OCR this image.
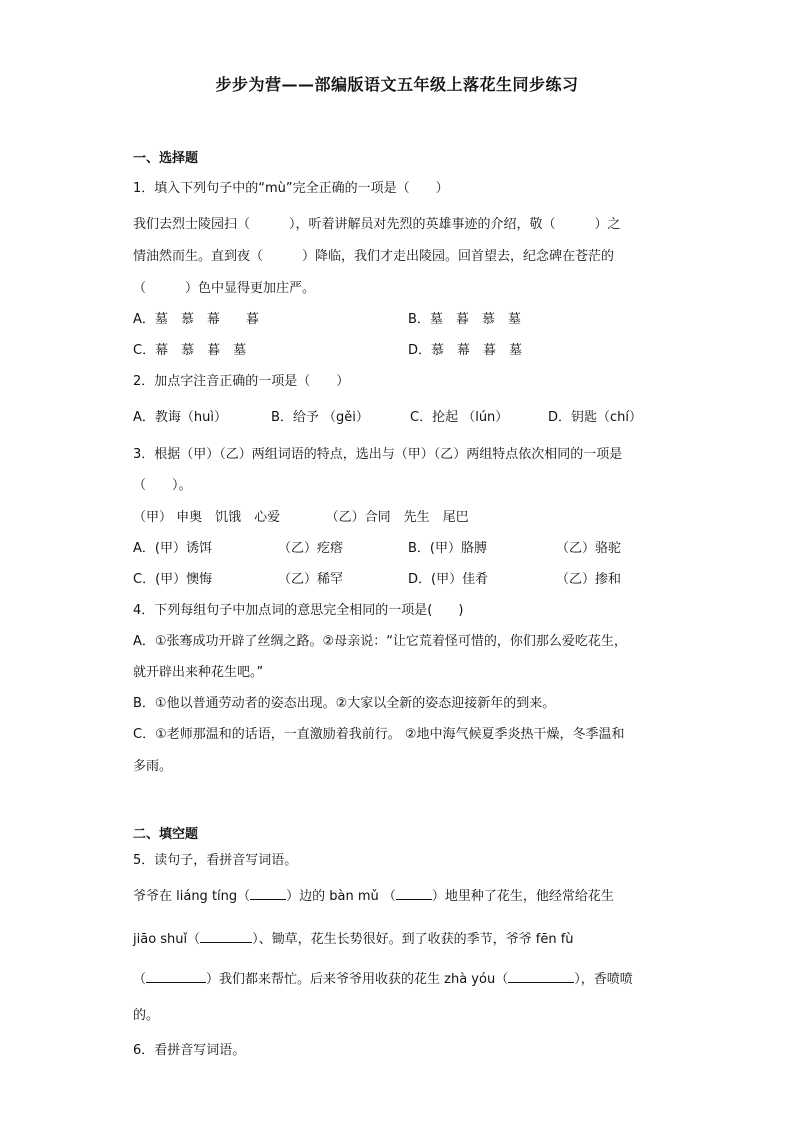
步步为营——部编版语文五年级上落花生同步练习
一、选择题
1．填入下列句子中的“mù”完全正确的一项是（　　）
我们去烈士陵园扫（　　　），听着讲解员对先烈的英雄事迹的介绍，敬（　　　）之
情油然而生。直到夜（　　　）降临，我们才走出陵园。回首望去，纪念碑在苍茫的
（　　　）色中显得更加庄严。
A．墓　慕　幕　　暮	B．墓　暮　慕　墓
C．幕　慕　暮　墓	D．慕　幕　暮　墓
2．加点字注音正确的一项是（　　）
A．教诲（huì）	B．给予 （gěi）	C．抡起 （lún）	D．钥匙（chí）
3．根据（甲）（乙）两组词语的特点，选出与（甲）（乙）两组特点依次相同的一项是
（　　）。
（甲） 申奥　饥饿　心爱　　　　（乙）合同　先生　尾巴
A．(甲）诱饵	（乙）疙瘩	B．(甲）胳膊	（乙）骆驼
C．(甲）懊悔	（乙）稀罕	D．(甲）佳肴	（乙）掺和
4．下列每组句子中加点词的意思完全相同的一项是(　　)
A．①张骞成功开辟了丝绸之路。②母亲说：“让它荒着怪可惜的，你们那么爱吃花生，
就开辟出来种花生吧。”
B．①他以普通劳动者的姿态出现。②大家以全新的姿态迎接新年的到来。
C．①老师那温和的话语，一直激励着我前行。 ②地中海气候夏季炎热干燥，冬季温和
多雨。
二、填空题
5．读句子，看拼音写词语。
爷爷在 liáng tíng（	）边的 bàn mǔ （	）地里种了花生，他经常给花生
jiāo shuǐ（	）、锄草，花生长势很好。到了收获的季节，爷爷 fēn fù
（	）我们都来帮忙。后来爷爷用收获的花生 zhà yóu（	），香喷喷
的。
6．看拼音写词语。
